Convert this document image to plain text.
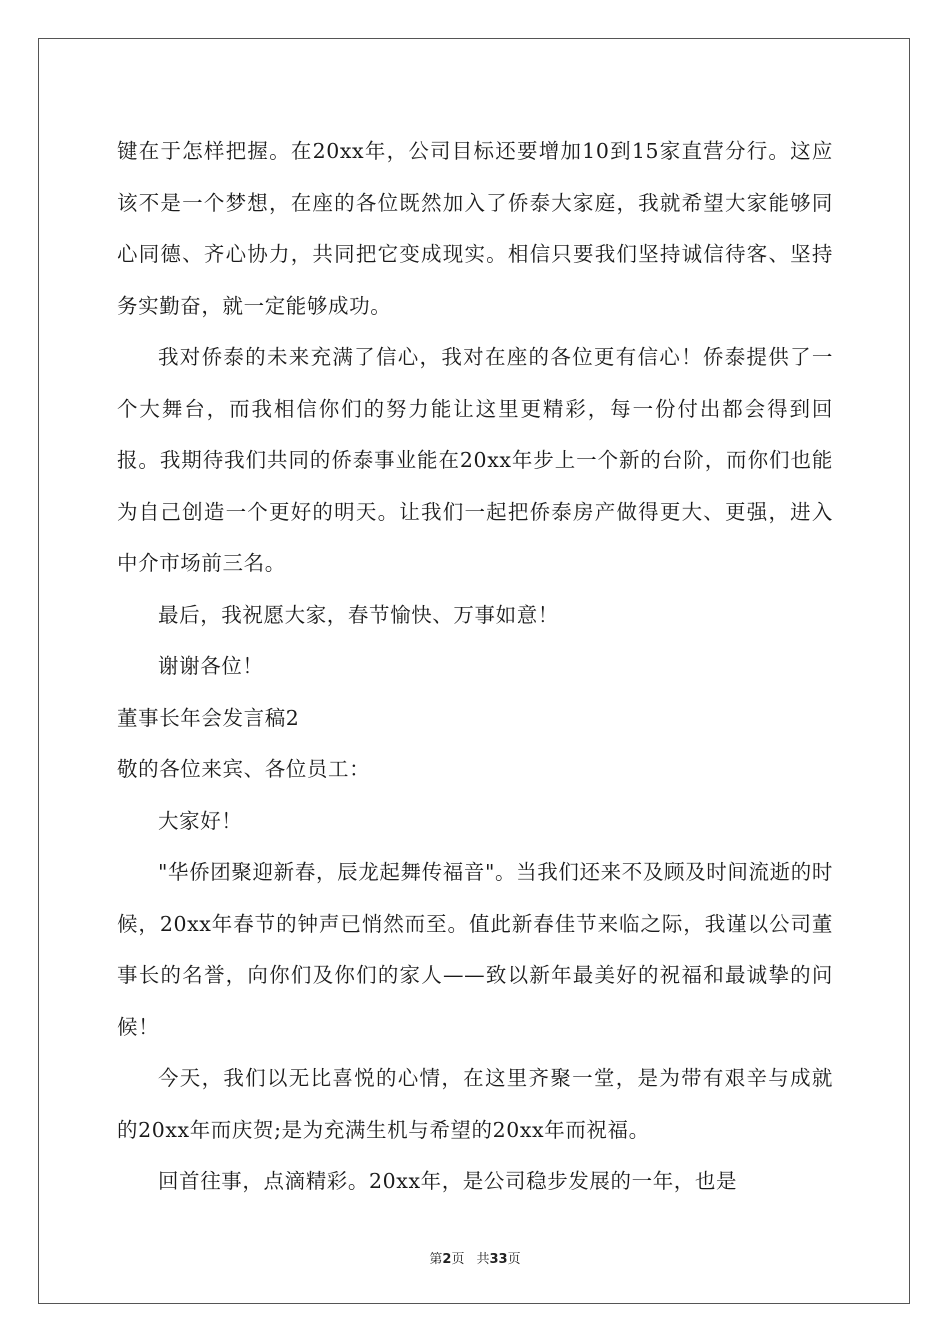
键在于怎样把握。在20xx年，公司目标还要增加10到15家直营分行。这应该不是一个梦想，在座的各位既然加入了侨泰大家庭，我就希望大家能够同心同德、齐心协力，共同把它变成现实。相信只要我们坚持诚信待客、坚持务实勤奋，就一定能够成功。

我对侨泰的未来充满了信心，我对在座的各位更有信心！侨泰提供了一个大舞台，而我相信你们的努力能让这里更精彩，每一份付出都会得到回报。我期待我们共同的侨泰事业能在20xx年步上一个新的台阶，而你们也能为自己创造一个更好的明天。让我们一起把侨泰房产做得更大、更强，进入中介市场前三名。

最后，我祝愿大家，春节愉快、万事如意！

谢谢各位！

董事长年会发言稿2

敬的各位来宾、各位员工：

大家好！

"华侨团聚迎新春，辰龙起舞传福音"。当我们还来不及顾及时间流逝的时候，20xx年春节的钟声已悄然而至。值此新春佳节来临之际，我谨以公司董事长的名誉，向你们及你们的家人——致以新年最美好的祝福和最诚挚的问候！

今天，我们以无比喜悦的心情，在这里齐聚一堂，是为带有艰辛与成就的20xx年而庆贺;是为充满生机与希望的20xx年而祝福。

回首往事，点滴精彩。20xx年，是公司稳步发展的一年，也是

第2页 共33页
